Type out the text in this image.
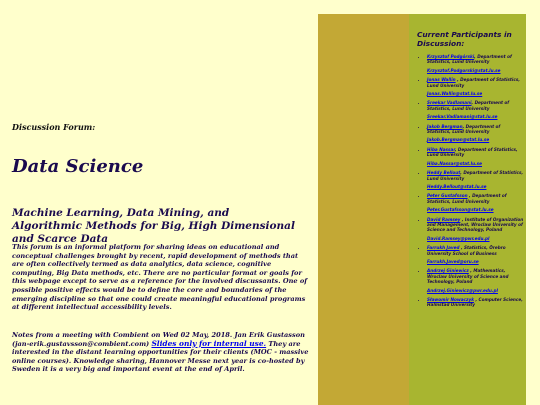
Discussion Forum:
Data Science

Machine Learning, Data Mining, and Algorithmic Methods for Big, High Dimensional and Scarce Data

This forum is an informal platform for sharing ideas on educational and conceptual challenges brought by recent, rapid development of methods that are often collectively termed as data analytics, data science, cognitive computing, Big Data methods, etc. There are no particular format or goals for this webpage except to serve as a reference for the involved discussants. One of possible positive effects would be to define the core and boundaries of the emerging discipline so that one could create meaningful educational programs at different intellectual accessibility levels.

Notes from a meeting with Combient on Wed 02 May, 2018. Jan Erik Gustasson (jan-erik.gustavsson@combient.com) Slides only for internal use. They are interested in the distant learning opportunities for their clients (MOC - massive online courses). Knowledge sharing, Hannover Messe next year is co-hosted by Sweden it is a very big and important event at the end of April.

Current Participants in Discussion:
• Krzysztof Podgórski, Department of Statistics, Lund University
Krzysztof.Podgorski@stat.lu.se
• Jonas Wallin , Department of Statistics, Lund University
Jonas.Wallin@stat.lu.se
• Sreekar Vadlamani, Department of Statistics, Lund University
Sreekar.Vadlamani@stat.lu.se
• Jakob Bergman, Department of Statistics, Lund University
Jakob.Bergman@stat.lu.se
• Hiba Nassar, Department of Statistics, Lund University
Hiba.Nassar@stat.lu.se
• Heddy Bellout, Department of Statistics, Lund University
Heddy.Bellout@stat.lu.se
• Peter Gustafsson , Department of Statistics, Lund University
Peter.Gustafsson@stat.lu.se
• David Ramsey , Institute of Organization and Management, Wroclaw University of Science and Technology, Poland
David.Ramsey@pwr.edu.pl
• Farrukh Javed , Statistics, Örebro University School of Business
Farrukh.Javed@oru.se
• Andrzej Giniewicz , Mathematics, Wroclaw University of Science and Technology, Poland
Andrzej.Giniewicz@pwr.edu.pl
• Sławomir Nowaczyk , Computer Science, Halmstad University
